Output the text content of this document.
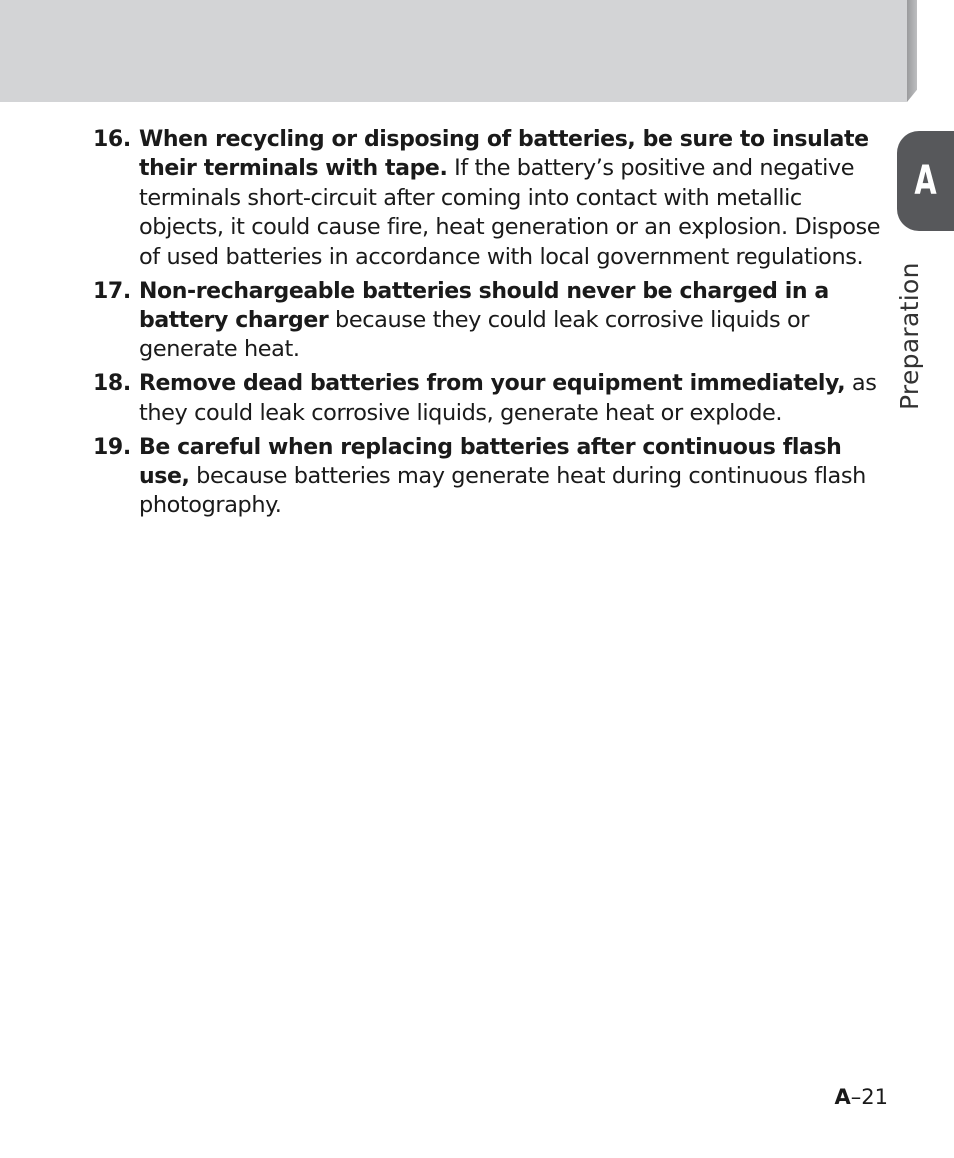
A
Preparation
16. When recycling or disposing of batteries, be sure to insulate their terminals with tape. If the battery’s positive and negative terminals short-circuit after coming into contact with metallic objects, it could cause fire, heat generation or an explosion. Dispose of used batteries in accordance with local government regulations.
17. Non-rechargeable batteries should never be charged in a battery charger because they could leak corrosive liquids or generate heat.
18. Remove dead batteries from your equipment immediately, as they could leak corrosive liquids, generate heat or explode.
19. Be careful when replacing batteries after continuous flash use, because batteries may generate heat during continuous flash photography.
A–21
